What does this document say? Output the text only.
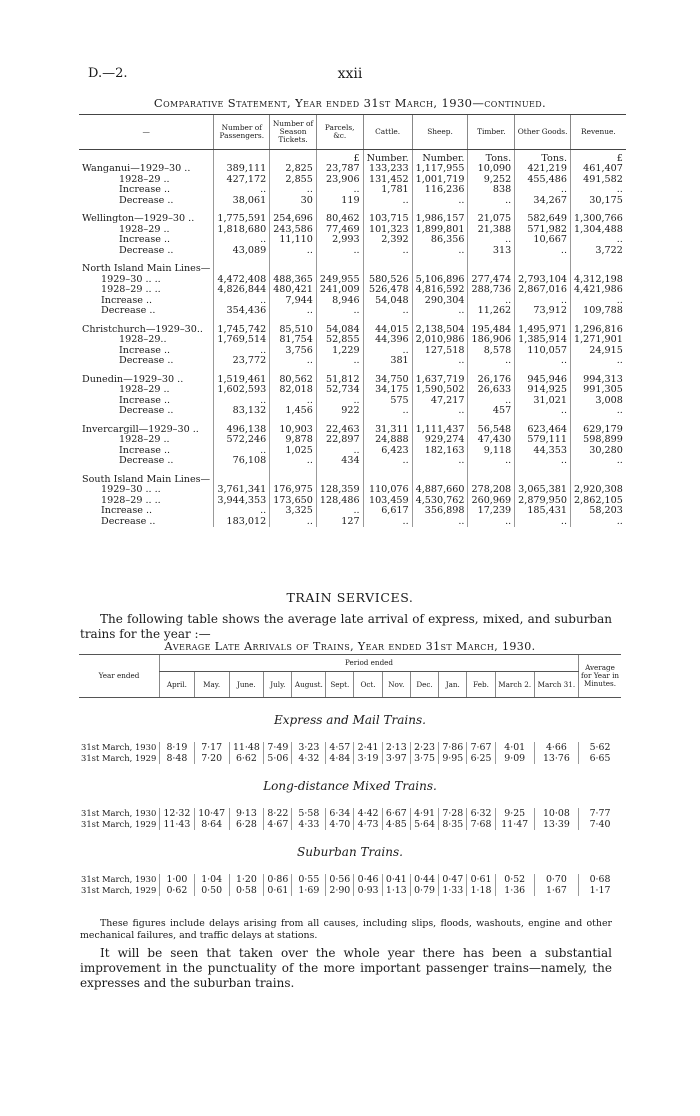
D.—2.	xxii
Comparative Statement, Year ended 31st March, 1930—continued.
—	Number of Passengers.	Number of Season Tickets.	Parcels, &c.	Cattle.	Sheep.	Timber.	Other Goods.	Revenue.
			£	Number.	Number.	Tons.	Tons.	£
Wanganui—1929–30 ..	389,111	2,825	23,787	133,233	1,117,955	10,090	421,219	461,407
1928–29 ..	427,172	2,855	23,906	131,452	1,001,719	9,252	455,486	491,582
Increase ..	..	..	..	1,781	116,236	838	..	..
Decrease ..	38,061	30	119	..	..	..	34,267	30,175

Wellington—1929–30 ..	1,775,591	254,696	80,462	103,715	1,986,157	21,075	582,649	1,300,766
1928–29 ..	1,818,680	243,586	77,469	101,323	1,899,801	21,388	571,982	1,304,488
Increase ..	..	11,110	2,993	2,392	86,356	..	10,667	..
Decrease ..	43,089	..	..	..	..	313	..	3,722

North Island Main Lines—								
1929–30 .. ..	4,472,408	488,365	249,955	580,526	5,106,896	277,474	2,793,104	4,312,198
1928–29 .. ..	4,826,844	480,421	241,009	526,478	4,816,592	288,736	2,867,016	4,421,986
Increase ..	..	7,944	8,946	54,048	290,304	..	..	..
Decrease ..	354,436	..	..	..	..	11,262	73,912	109,788

Christchurch—1929–30..	1,745,742	85,510	54,084	44,015	2,138,504	195,484	1,495,971	1,296,816
1928–29..	1,769,514	81,754	52,855	44,396	2,010,986	186,906	1,385,914	1,271,901
Increase ..	..	3,756	1,229	..	127,518	8,578	110,057	24,915
Decrease ..	23,772	..	..	381	..	..	..	..

Dunedin—1929–30 ..	1,519,461	80,562	51,812	34,750	1,637,719	26,176	945,946	994,313
1928–29 ..	1,602,593	82,018	52,734	34,175	1,590,502	26,633	914,925	991,305
Increase ..	..	..	..	575	47,217	..	31,021	3,008
Decrease ..	83,132	1,456	922	..	..	457	..	..

Invercargill—1929–30 ..	496,138	10,903	22,463	31,311	1,111,437	56,548	623,464	629,179
1928–29 ..	572,246	9,878	22,897	24,888	929,274	47,430	579,111	598,899
Increase ..	..	1,025	..	6,423	182,163	9,118	44,353	30,280
Decrease ..	76,108	..	434	..	..	..	..	..

South Island Main Lines—								
1929–30 .. ..	3,761,341	176,975	128,359	110,076	4,887,660	278,208	3,065,381	2,920,308
1928–29 .. ..	3,944,353	173,650	128,486	103,459	4,530,762	260,969	2,879,950	2,862,105
Increase ..	..	3,325	..	6,617	356,898	17,239	185,431	58,203
Decrease ..	183,012	..	127	..	..	..	..	..
TRAIN SERVICES.
The following table shows the average late arrival of express, mixed, and suburban trains for the year :—
Average Late Arrivals of Trains, Year ended 31st March, 1930.
Year ended	Period ended													Average for Year in Minutes.
	April.	May.	June.	July.	August.	Sept.	Oct.	Nov.	Dec.	Jan.	Feb.	March 2.	March 31.	
Express and Mail Trains.														
31st March, 1930	8·19	7·17	11·48	7·49	3·23	4·57	2·41	2·13	2·23	7·86	7·67	4·01	4·66	5·62
31st March, 1929	8·48	7·20	6·62	5·06	4·32	4·84	3·19	3·97	3·75	9·95	6·25	9·09	13·76	6·65
Long-distance Mixed Trains.														
31st March, 1930	12·32	10·47	9·13	8·22	5·58	6·34	4·42	6·67	4·91	7·28	6·32	9·25	10·08	7·77
31st March, 1929	11·43	8·64	6·28	4·67	4·33	4·70	4·73	4·85	5·64	8·35	7·68	11·47	13·39	7·40
Suburban Trains.														
31st March, 1930	1·00	1·04	1·20	0·86	0·55	0·56	0·46	0·41	0·44	0·47	0·61	0·52	0·70	0·68
31st March, 1929	0·62	0·50	0·58	0·61	1·69	2·90	0·93	1·13	0·79	1·33	1·18	1·36	1·67	1·17
These figures include delays arising from all causes, including slips, floods, washouts, engine and other mechanical failures, and traffic delays at stations.
It will be seen that taken over the whole year there has been a substantial improvement in the punctuality of the more important passenger trains—namely, the expresses and the suburban trains.
